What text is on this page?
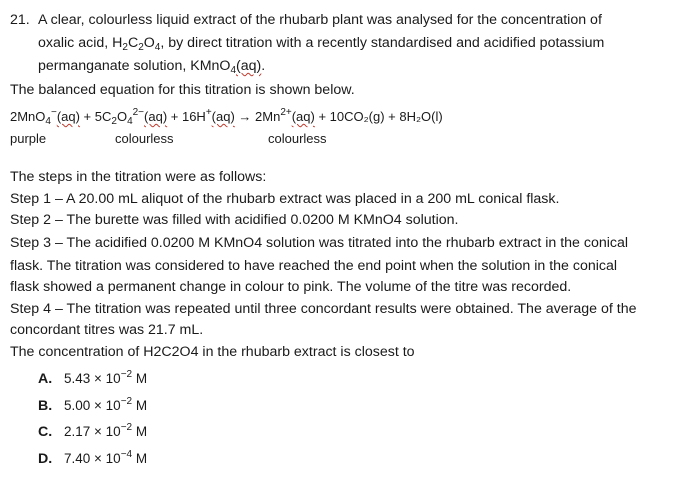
21. A clear, colourless liquid extract of the rhubarb plant was analysed for the concentration of
oxalic acid, $H_2C_2O_4$, by direct titration with a recently standardised and acidified potassium
permanganate solution, KMnO$_4$(aq).
The balanced equation for this titration is shown below.
$2MnO_4^-(aq) + 5C_2O_4^{2-}(aq) + 16H^+(aq) \to 2Mn^{2+}(aq) + 10CO_2(g) + 8H_2O(l)$
purple	colourless	colourless
The steps in the titration were as follows:
Step 1 – A 20.00 mL aliquot of the rhubarb extract was placed in a 200 mL conical flask.
Step 2 – The burette was filled with acidified 0.0200 M KMnO4 solution.
Step 3 – The acidified 0.0200 M KMnO4 solution was titrated into the rhubarb extract in the conical
flask. The titration was considered to have reached the end point when the solution in the conical
flask showed a permanent change in colour to pink. The volume of the titre was recorded.
Step 4 – The titration was repeated until three concordant results were obtained. The average of the
concordant titres was 21.7 mL.
The concentration of H2C2O4 in the rhubarb extract is closest to
A. $5.43 \times 10^{-2}$ M
B. $5.00 \times 10^{-2}$ M
C. $2.17 \times 10^{-2}$ M
D. $7.40 \times 10^{-4}$ M
